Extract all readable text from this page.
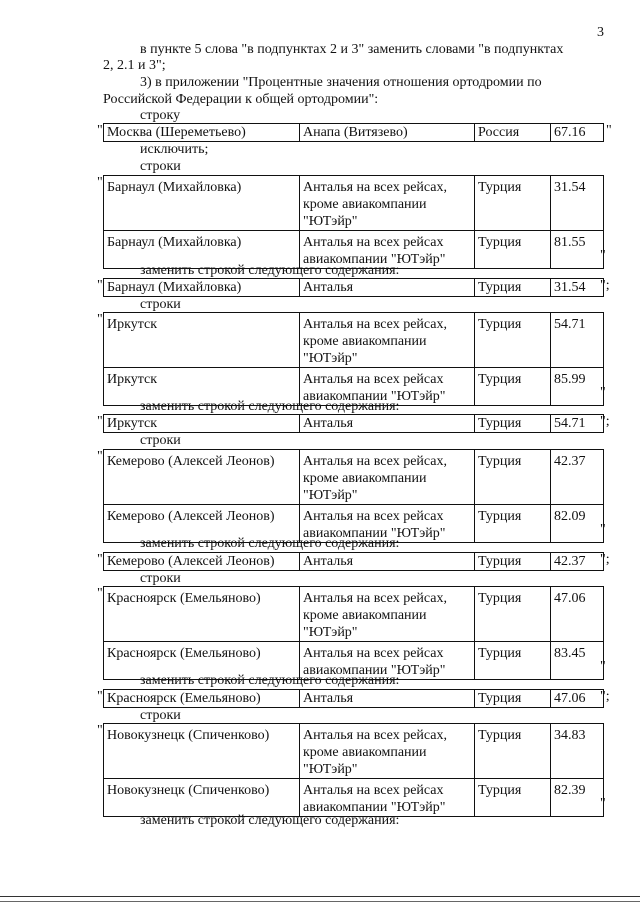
3
в пункте 5 слова "в подпунктах 2 и 3" заменить словами "в подпунктах
2, 2.1 и 3";
3) в приложении "Процентные значения отношения ортодромии по
Российской Федерации к общей ортодромии":
строку
" Москва (Шереметьево)	Анапа (Витязево)	Россия	67.16 "
исключить;
строки
" Барнаул (Михайловка)	Анталья на всех рейсах,
кроме авиакомпании
"ЮТэйр"	Турция	31.54
Барнаул (Михайловка)	Анталья на всех рейсах
авиакомпании "ЮТэйр"	Турция	81.55
"
заменить строкой следующего содержания:
" Барнаул (Михайловка)	Анталья	Турция	31.54 ";
строки
" Иркутск	Анталья на всех рейсах,
кроме авиакомпании
"ЮТэйр"	Турция	54.71
Иркутск	Анталья на всех рейсах
авиакомпании "ЮТэйр"	Турция	85.99
"
заменить строкой следующего содержания:
" Иркутск	Анталья	Турция	54.71 ";
строки
" Кемерово (Алексей Леонов)	Анталья на всех рейсах,
кроме авиакомпании
"ЮТэйр"	Турция	42.37
Кемерово (Алексей Леонов)	Анталья на всех рейсах
авиакомпании "ЮТэйр"	Турция	82.09
"
заменить строкой следующего содержания:
" Кемерово (Алексей Леонов)	Анталья	Турция	42.37 ";
строки
" Красноярск (Емельяново)	Анталья на всех рейсах,
кроме авиакомпании
"ЮТэйр"	Турция	47.06
Красноярск (Емельяново)	Анталья на всех рейсах
авиакомпании "ЮТэйр"	Турция	83.45
"
заменить строкой следующего содержания:
" Красноярск (Емельяново)	Анталья	Турция	47.06 ";
строки
" Новокузнецк (Спиченково)	Анталья на всех рейсах,
кроме авиакомпании
"ЮТэйр"	Турция	34.83
Новокузнецк (Спиченково)	Анталья на всех рейсах
авиакомпании "ЮТэйр"	Турция	82.39
"
заменить строкой следующего содержания:
